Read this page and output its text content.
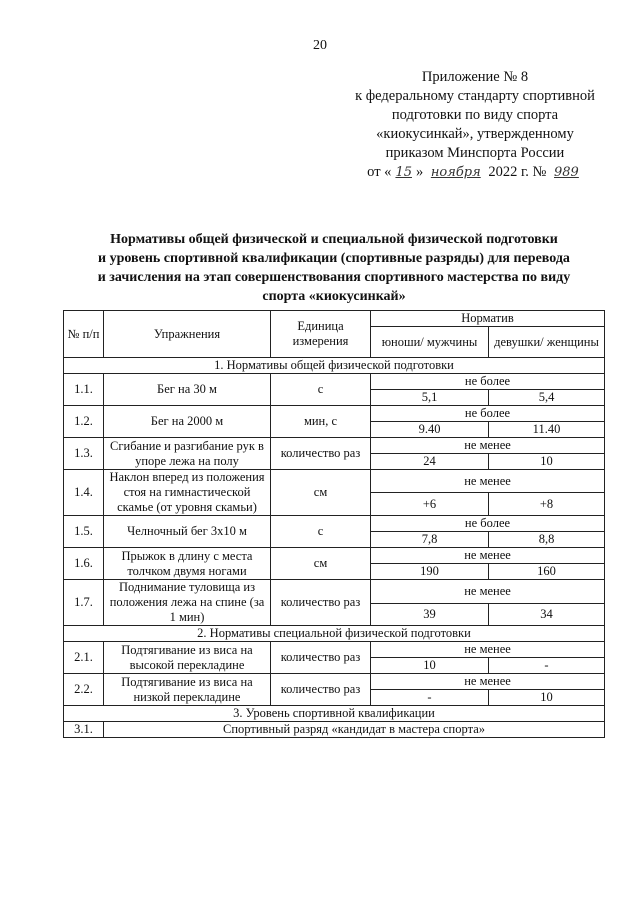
20
Приложение № 8
к федеральному стандарту спортивной
подготовки по виду спорта
«киокусинкай», утвержденному
приказом Минспорта России
от « 15 » ноября 2022 г. № 989
Нормативы общей физической и специальной физической подготовки
и уровень спортивной квалификации (спортивные разряды) для перевода
и зачисления на этап совершенствования спортивного мастерства по виду
спорта «киокусинкай»
№ п/п	Упражнения	Единица измерения	Норматив	
			юноши/ мужчины	девушки/ женщины
1. Нормативы общей физической подготовки				
1.1.	Бег на 30 м	с	не более	
			5,1	5,4
1.2.	Бег на 2000 м	мин, с	не более	
			9.40	11.40
1.3.	Сгибание и разгибание рук в упоре лежа на полу	количество раз	не менее	
			24	10
1.4.	Наклон вперед из положения стоя на гимнастической скамье (от уровня скамьи)	см	не менее	
			+6	+8
1.5.	Челночный бег 3х10 м	с	не более	
			7,8	8,8
1.6.	Прыжок в длину с места толчком двумя ногами	см	не менее	
			190	160
1.7.	Поднимание туловища из положения лежа на спине (за 1 мин)	количество раз	не менее	
			39	34
2. Нормативы специальной физической подготовки				
2.1.	Подтягивание из виса на высокой перекладине	количество раз	не менее	
			10	-
2.2.	Подтягивание из виса на низкой перекладине	количество раз	не менее	
			-	10
3. Уровень спортивной квалификации				
3.1.	Спортивный разряд «кандидат в мастера спорта»			
